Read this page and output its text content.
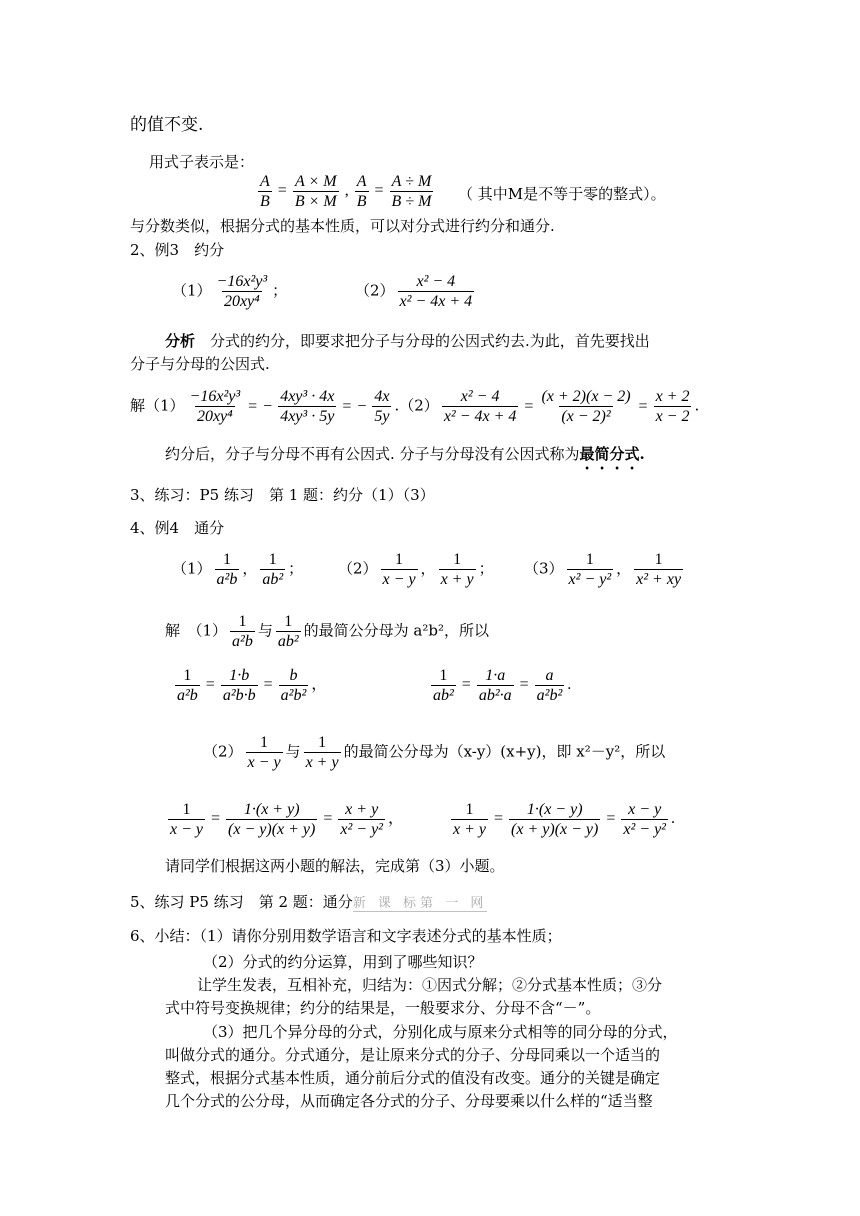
的值不变.
用式子表示是：
$\frac{A}{B} = \frac{A \times M}{B \times M}$ , $\frac{A}{B} = \frac{A \div M}{B \div M}$ （ 其中M是不等于零的整式）。
与分数类似，根据分式的基本性质，可以对分式进行约分和通分.
2、例3　约分
$(1) \frac{\text{−16x²y³}}{\text{20xy⁴}}$ ；	$(2) \frac{\text{x² − 4}}{\text{x² − 4x + 4}}$
分析　分式的约分，即要求把分子与分母的公因式约去.为此，首先要找出
分子与分母的公因式.
解$(1) \frac{\text{−16x²y³}}{\text{20xy⁴}}$ = − $\frac{\text{4xy³ · 4x}}{\text{4xy³ · 5y}}$ = − $\frac{4x}{5y} .(2) \frac{\text{x² − 4}}{\text{x² − 4x + 4}} = \frac{(x + 2)(x - 2)}{\text{(x − 2)²}} = \frac{x + 2}{x - 2}$ .
约分后，分子与分母不再有公因式. 分子与分母没有公因式称为最简分式.
3、练习：P5 练习　第 1 题：约分（1）（3）
4、例4　通分
$(1) \frac{1}{\text{a²b}}$ ， $\frac{1}{\text{ab²}}$ ； $(2) \frac{1}{x - y}$ ， $\frac{1}{x + y}$ ； $(3) \frac{1}{\text{x² − y²}}$ ， $\frac{1}{\text{x² + xy}}$
解　$(1) \frac{1}{\text{a²b}}$ 与 $\frac{1}{\text{ab²}}$ 的最简公分母为 a²b²，所以
$\frac{1}{\text{a²b}} = \frac{1\cdot b}{\text{a²b·b}} = \frac{b}{\text{a²b²}}$ ，	$\frac{1}{\text{ab²}} = \frac{1\cdot a}{\text{ab²·a}} = \frac{a}{\text{a²b²}}$ .
$(2) \frac{1}{x - y}$ 与 $\frac{1}{x + y}$ 的最简公分母为（x-y）(x+y)，即 x²－y²，所以
$\frac{1}{x - y} = \frac{1\cdot(x + y)}{(x - y)(x + y)} = \frac{x + y}{\text{x² − y²}}$ ，	$\frac{1}{x + y} = \frac{1\cdot(x - y)}{(x + y)(x - y)} = \frac{x - y}{\text{x² − y²}}$ .
请同学们根据这两小题的解法，完成第（3）小题。
5、练习 P5 练习　第 2 题：通分新 课 标第 一 网
6、小结：（1）请你分别用数学语言和文字表述分式的基本性质；
（2）分式的约分运算，用到了哪些知识？
让学生发表，互相补充，归结为：①因式分解；②分式基本性质；③分
式中符号变换规律；约分的结果是，一般要求分、分母不含“－”。
（3）把几个异分母的分式，分别化成与原来分式相等的同分母的分式，
叫做分式的通分。分式通分，是让原来分式的分子、分母同乘以一个适当的
整式，根据分式基本性质，通分前后分式的值没有改变。通分的关键是确定
几个分式的公分母，从而确定各分式的分子、分母要乘以什么样的“适当整
